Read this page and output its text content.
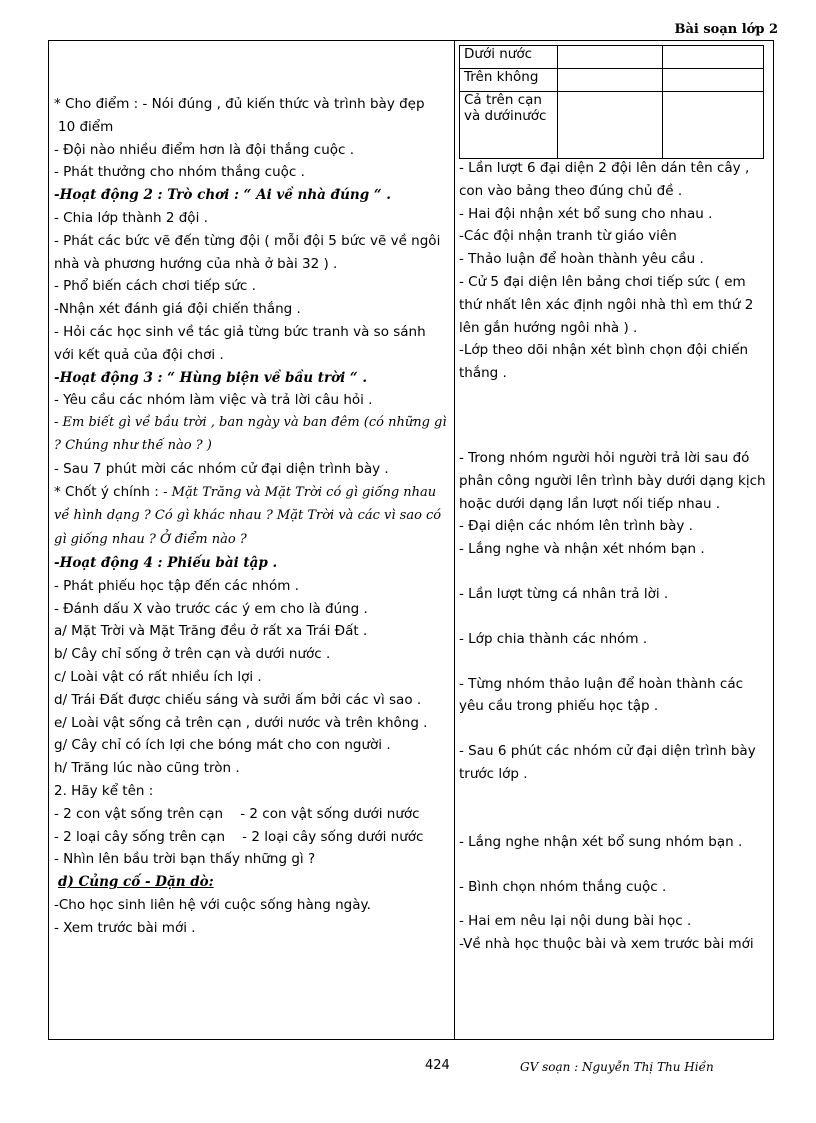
Bài soạn lớp 2
Dưới nước		
Trên không		
Cả trên cạn và dướinước		

* Cho điểm : - Nói đúng , đủ kiến thức và trình bày đẹp

10 điểm

- Đội nào nhiều điểm hơn là đội thắng cuộc .

- Phát thưởng cho nhóm thắng cuộc .

-Hoạt động 2 : Trò chơi : “ Ai về nhà đúng “ .

- Chia lớp thành 2 đội .

- Phát các bức vẽ đến từng đội ( mỗi đội 5 bức vẽ về ngôi nhà và phương hướng của nhà ở bài 32 ) .

- Phổ biến cách chơi tiếp sức .

-Nhận xét đánh giá đội chiến thắng .

- Hỏi các học sinh về tác giả từng bức tranh và so sánh với kết quả của đội chơi .

-Hoạt động 3 : “ Hùng biện về bầu trời “ .

- Yêu cầu các nhóm làm việc và trả lời câu hỏi .

- Em biết gì về bầu trời , ban ngày và ban đêm (có những gì ? Chúng như thế nào ? )

- Sau 7 phút mời các nhóm cử đại diện trình bày .

* Chốt ý chính : - Mặt Trăng và Mặt Trời có gì giống nhau về hình dạng ? Có gì khác nhau ? Mặt Trời và các vì sao có gì giống nhau ? Ở điểm nào ?

-Hoạt động 4 : Phiếu bài tập .

- Phát phiếu học tập đến các nhóm .

- Đánh dấu X vào trước các ý em cho là đúng .

a/ Mặt Trời và Mặt Trăng đều ở rất xa Trái Đất .

b/ Cây chỉ sống ở trên cạn và dưới nước .

c/ Loài vật có rất nhiều ích lợi .

d/ Trái Đất được chiếu sáng và sưởi ấm bởi các vì sao .

e/ Loài vật sống cả trên cạn , dưới nước và trên không .

g/ Cây chỉ có ích lợi che bóng mát cho con người .

h/ Trăng lúc nào cũng tròn .

2. Hãy kể tên :

- 2 con vật sống trên cạn    - 2 con vật sống dưới nước

- 2 loại cây sống trên cạn    - 2 loại cây sống dưới nước

- Nhìn lên bầu trời bạn thấy những gì ?

d) Củng cố - Dặn dò:

-Cho học sinh liên hệ với cuộc sống hàng ngày.

- Xem trước bài mới .

- Lần lượt 6 đại diện 2 đội lên dán tên cây , con vào bảng theo đúng chủ đề .

- Hai đội nhận xét bổ sung cho nhau .

-Các đội nhận tranh từ giáo viên

- Thảo luận để hoàn thành yêu cầu .

- Cử 5 đại diện lên bảng chơi tiếp sức ( em thứ nhất lên xác định ngôi nhà thì em thứ 2 lên gắn hướng ngôi nhà ) .

-Lớp theo dõi nhận xét bình chọn đội chiến thắng .

- Trong nhóm người hỏi người trả lời sau đó phân công người lên trình bày dưới dạng kịch hoặc dưới dạng lần lượt nối tiếp nhau .

- Đại diện các nhóm lên trình bày .

- Lắng nghe và nhận xét nhóm bạn .

- Lần lượt từng cá nhân trả lời .

- Lớp chia thành các nhóm .

- Từng nhóm thảo luận để hoàn thành các yêu cầu trong phiếu học tập .

- Sau 6 phút các nhóm cử đại diện trình bày trước lớp .

- Lắng nghe nhận xét bổ sung nhóm bạn .

- Bình chọn nhóm thắng cuộc .

- Hai em nêu lại nội dung bài học .

-Về nhà học thuộc bài và xem trước bài mới

424	GV soạn : Nguyễn Thị Thu Hiền
